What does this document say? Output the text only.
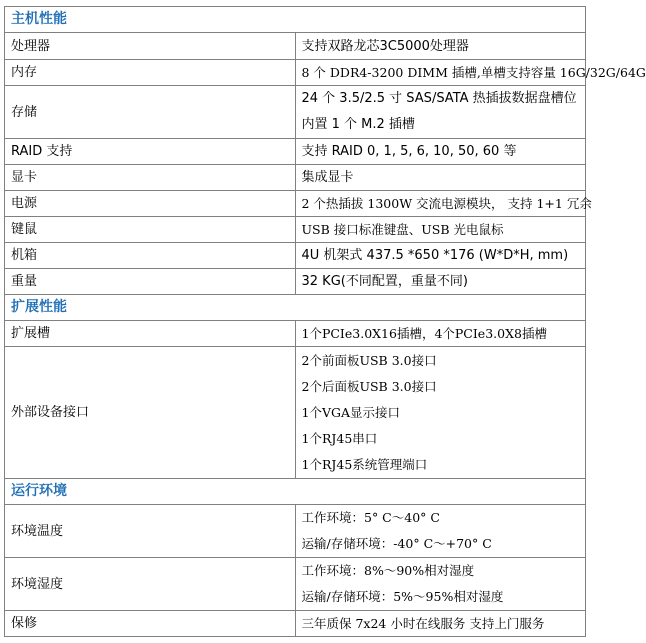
主机性能	
处理器	支持双路龙芯3C5000处理器
内存	8 个 DDR4-3200 DIMM 插槽,单槽支持容量 16G/32G/64G
存储	24 个 3.5/2.5 寸 SAS/SATA 热插拔数据盘槽位
内置 1 个 M.2 插槽

RAID 支持	支持 RAID 0, 1, 5, 6, 10, 50, 60 等
显卡	集成显卡
电源	2 个热插拔 1300W 交流电源模块， 支持 1+1 冗余
键鼠	USB 接口标准键盘、USB 光电鼠标
机箱	4U 机架式 437.5 *650 *176 (W*D*H, mm)
重量	32 KG(不同配置，重量不同)
扩展性能	
扩展槽	1个PCIe3.0X16插槽，4个PCIe3.0X8插槽
外部设备接口	2个前面板USB 3.0接口
2个后面板USB 3.0接口
1个VGA显示接口
1个RJ45串口
1个RJ45系统管理端口

运行环境	
环境温度	工作环境：5° C～40° C
运输/存储环境：-40° C～+70° C

环境湿度	工作环境：8%～90%相对湿度
运输/存储环境：5%～95%相对湿度

保修	三年质保 7x24 小时在线服务 支持上门服务
